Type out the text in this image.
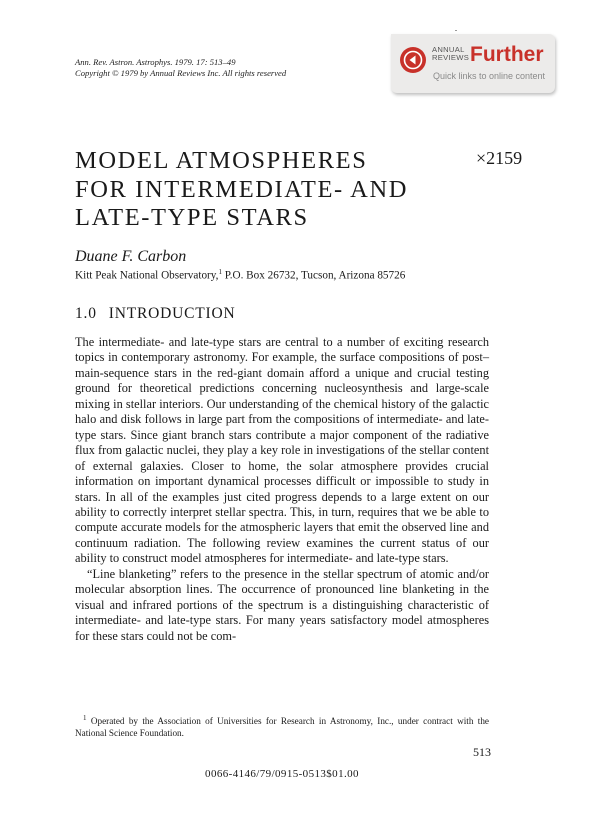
Ann. Rev. Astron. Astrophys. 1979. 17: 513–49
Copyright © 1979 by Annual Reviews Inc. All rights reserved
ANNUAL
REVIEWS Further
Quick links to online content
MODEL ATMOSPHERES
FOR INTERMEDIATE- AND
LATE-TYPE STARS
×2159
Duane F. Carbon
Kitt Peak National Observatory,$^1$ P.O. Box 26732, Tucson, Arizona 85726
1.0 INTRODUCTION

The intermediate- and late-type stars are central to a number of exciting research topics in contemporary astronomy. For example, the surface compositions of post–main-sequence stars in the red-giant domain afford a unique and crucial testing ground for theoretical predictions concerning nucleosynthesis and large-scale mixing in stellar interiors. Our understanding of the chemical history of the galactic halo and disk follows in large part from the compositions of intermediate- and late-type stars. Since giant branch stars contribute a major component of the radiative flux from galactic nuclei, they play a key role in investigations of the stellar content of external galaxies. Closer to home, the solar atmosphere provides crucial information on important dynamical processes difficult or impossible to study in stars. In all of the examples just cited progress depends to a large extent on our ability to correctly interpret stellar spectra. This, in turn, requires that we be able to compute accurate models for the atmospheric layers that emit the observed line and continuum radiation. The following review examines the current status of our ability to construct model atmospheres for intermediate- and late-type stars.

“Line blanketing” refers to the presence in the stellar spectrum of atomic and/or molecular absorption lines. The occurrence of pronounced line blanketing in the visual and infrared portions of the spectrum is a distinguishing characteristic of intermediate- and late-type stars. For many years satisfactory model atmospheres for these stars could not be com-

$^1$ Operated by the Association of Universities for Research in Astronomy, Inc., under contract with the National Science Foundation.
513
0066-4146/79/0915-0513$01.00
